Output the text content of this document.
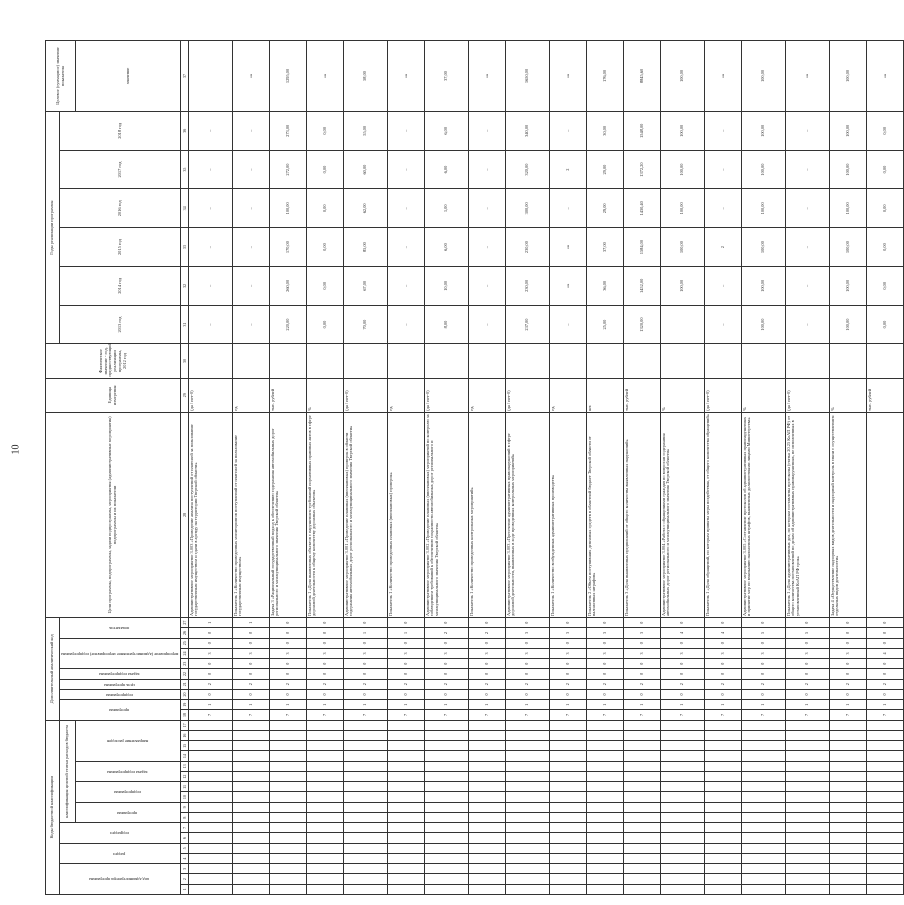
10
Коды бюджетной классификации																	Дополнительный аналитический код										Цели программы, подпрограммы, задачи подпрограммы, мероприятия (административные мероприятия) подпрограммы и их показатели	Единица измерения	Фактическое значение - год, предшествующий реализации программы, 2012 год	Годы реализации программы						Целевое (суммарное) значение показателя
код администратора программы			раздел		подраздел		классификация целевой статьи расходов бюджета										программа		подпрограмма	цель программы	задача подпрограммы	мероприятие (административное мероприятие) подпрограммы			показатель					2013 год	2014 год	2015 год	2016 год	2017 год	2018 год	
							программа		подпрограмма		задача подпрограммы		направление расходов																							значение
1	2	3	4	5	6	7	8	9	10	11	12	13	14	15	16	17	18	19	20	21	22	23	24	25	26	27	28	29	30	31	32	33	34	35	36	37
																	7	1	0	2	0	0	3	0	0	1	Административное мероприятие 3.003 «Проведение анализа поступлений от платежей за пользование государственным имуществом и сдачи в аренду на территории Тверской области»	(да / нет-0)		–	–	–	–	–	–	
																	7	1	0	2	0	0	3	0	0	1	Показатель 1 «Количество проведенных мониторингов поступлений от платежей за пользование государственным имуществом»	ед.		–	–	–	–	–	–	«»
																	7	1	0	2	0	0	3	0	0	0	Задача 3 «Рациональный государственный подход к обеспечению содержания автомобильных дорог регионального и межмуниципального значения Тверской области»	тыс. рублей		220,00	260,00	170,00	100,00	272,00	273,00	1295,00
																	7	1	0	2	0	0	3	0	0	0	Показатель 1 «Доля выявленных объектов с нарушением требований нормативных правовых актов в сфере дорожной деятельности к общему количеству дорожных объектов»	%		0,00	0,00	0,00	0,00	0,00	0,00	«»
																	7	1	0	2	0	0	3	0	1	0	Административное мероприятие 3.001 «Проведение плановых (внеплановых) проверок в области содержания автомобильных дорог регионального и межмуниципального значения Тверской области»	(да / нет-0)		70,00	67,00	85,00	62,00	60,00	55,00	58,00
																	7	1	0	2	0	0	3	0	1	0	Показатель 1 «Количество проведенных плановых (внеплановых) проверок»	ед.		–	–	–	–	–	–	«»
																	7	1	0	2	0	0	3	0	2	0	Административное мероприятие 3.002 «Проведение плановых (внеплановых) мероприятий по контролю за соблюдением требований к обеспечению сохранности автомобильных дорог регионального и межмуниципального значения Тверской области»	(да / нет-0)		8,00	10,00	6,00	1,00	6,00	6,00	37,00
																	7	1	0	2	0	0	3	0	2	0	Показатель 1 «Количество проведенных контрольных мероприятий»	ед.		–	–	–	–	–	–	«»
																	7	1	0	2	0	0	3	0	3	0	Административное мероприятие 3.003 «Пресечение административных правонарушений в сфере дорожной деятельности, выявленных в ходе проведенных контрольных мероприятий»	(да / нет-0)		237,00	230,00	230,00	300,00	320,00	340,00	1650,00
																	7	1	0	2	0	0	3	0	3	0	Показатель 1 «Количество возбужденных административных производств»	ед.		–	«»	«»	–	2	–	«»
																	7	1	0	2	0	0	3	0	3	0	Показатель 2 «Объем поступивших денежных средств в областной бюджет Тверской области от наложенных штрафов»	шт.		25,00	36,00	37,00	29,00	29,00	30,00	176,00
																	7	1	0	2	0	0	3	0	3	0	Показатель 3 «Доля выявленных предписаний от общего количества выявленных нарушений»	тыс. рублей		1320,00	1452,00	1584,00	1430,40	1372,20	1548,00	8845,60
																	7	1	0	2	0	0	3	0	4	0	Административное мероприятие 3.004 «Работа с обращениями граждан по вопросам содержания автомобильных дорог регионального и межмуниципального значения Тверской области»	%			100,00	100,00	100,00	100,00	100,00	100,00
																	7	1	0	2	0	0	3	0	4	0	Показатель 1 «Доля обращений, по которым приняты меры воздействия, от общего количества обращений»	(да / нет-0)		–	–	2	–	–	–	«»
																	7	1	0	2	0	0	3	0	5	0	Административное мероприятие 3.005 «Составление протоколов об административных правонарушениях и принятие мер по взысканию наложенных штрафов, выявленных должностными лицами Министерства»	%		100,00	100,00	100,00	100,00	100,00	100,00	100,00
																	7	1	0	2	0	0	3	0	5	0	Показатель 1 «Доля административных дел, по которым составлены протоколы (статья 20.25 КоАП РФ) от общего количества постановлений по делам об административных правонарушениях, не исполненных в установленный КоАП РФ срок»	(да / нет-0)		–	–	–	–	–	–	«»
																	7	1	0	2	0	0	3	0	0	0	Задача 4 «Осуществление надзорных видов деятельности и надзорный контроль в связи с осуществлением отдельных видов деятельности»	%		100,00	100,00	100,00	100,00	100,00	100,00	100,00
																	7	1	0	2	0	0	4	0	0	0		тыс. рублей		0,00	0,00	0,00	0,00	0,00	0,00	«»
